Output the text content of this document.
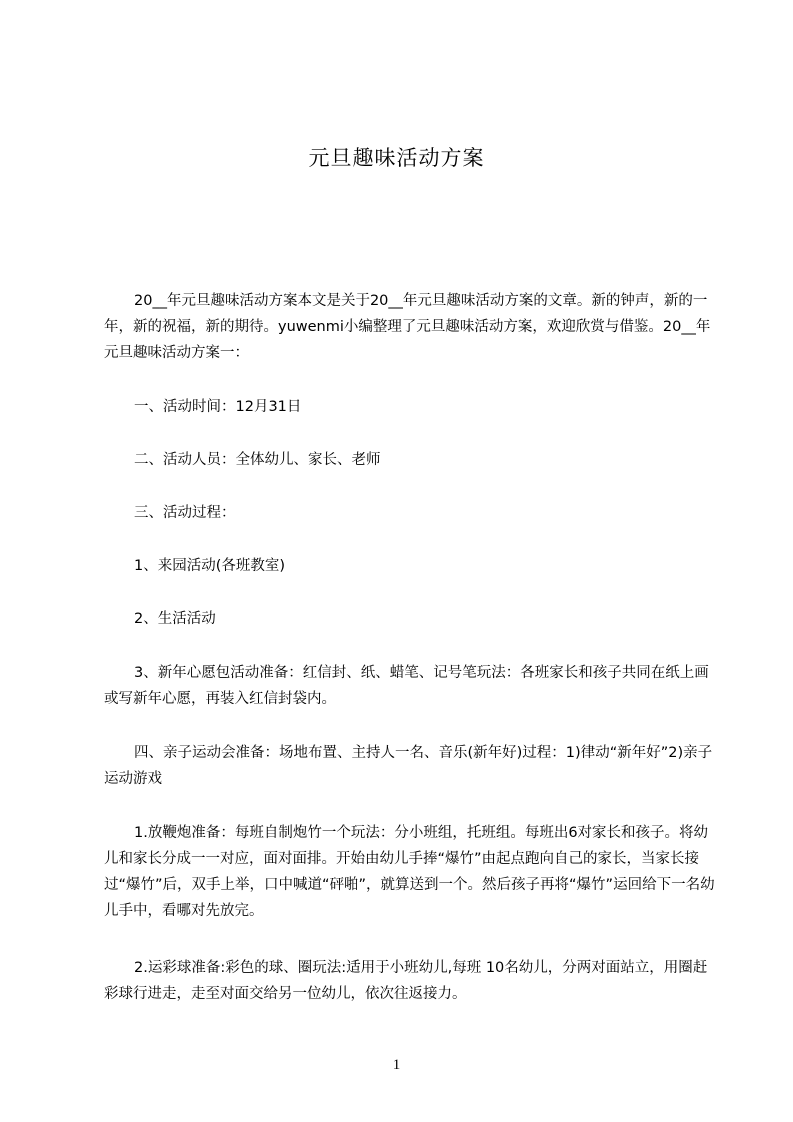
元旦趣味活动方案
20__年元旦趣味活动方案本文是关于20__年元旦趣味活动方案的文章。新的钟声，新的一年，新的祝福，新的期待。yuwenmi小编整理了元旦趣味活动方案，欢迎欣赏与借鉴。20__年元旦趣味活动方案一：
一、活动时间：12月31日
二、活动人员：全体幼儿、家长、老师
三、活动过程：
1、来园活动(各班教室)
2、生活活动
3、新年心愿包活动准备：红信封、纸、蜡笔、记号笔玩法：各班家长和孩子共同在纸上画或写新年心愿，再装入红信封袋内。
四、亲子运动会准备：场地布置、主持人一名、音乐(新年好)过程：1)律动“新年好”2)亲子运动游戏
1.放鞭炮准备：每班自制炮竹一个玩法：分小班组，托班组。每班出6对家长和孩子。将幼儿和家长分成一一对应，面对面排。开始由幼儿手捧“爆竹”由起点跑向自己的家长，当家长接过“爆竹”后，双手上举，口中喊道“砰啪”，就算送到一个。然后孩子再将“爆竹”运回给下一名幼儿手中，看哪对先放完。
2.运彩球准备:彩色的球、圈玩法:适用于小班幼儿,每班 10名幼儿，分两对面站立，用圈赶彩球行进走，走至对面交给另一位幼儿，依次往返接力。
1
